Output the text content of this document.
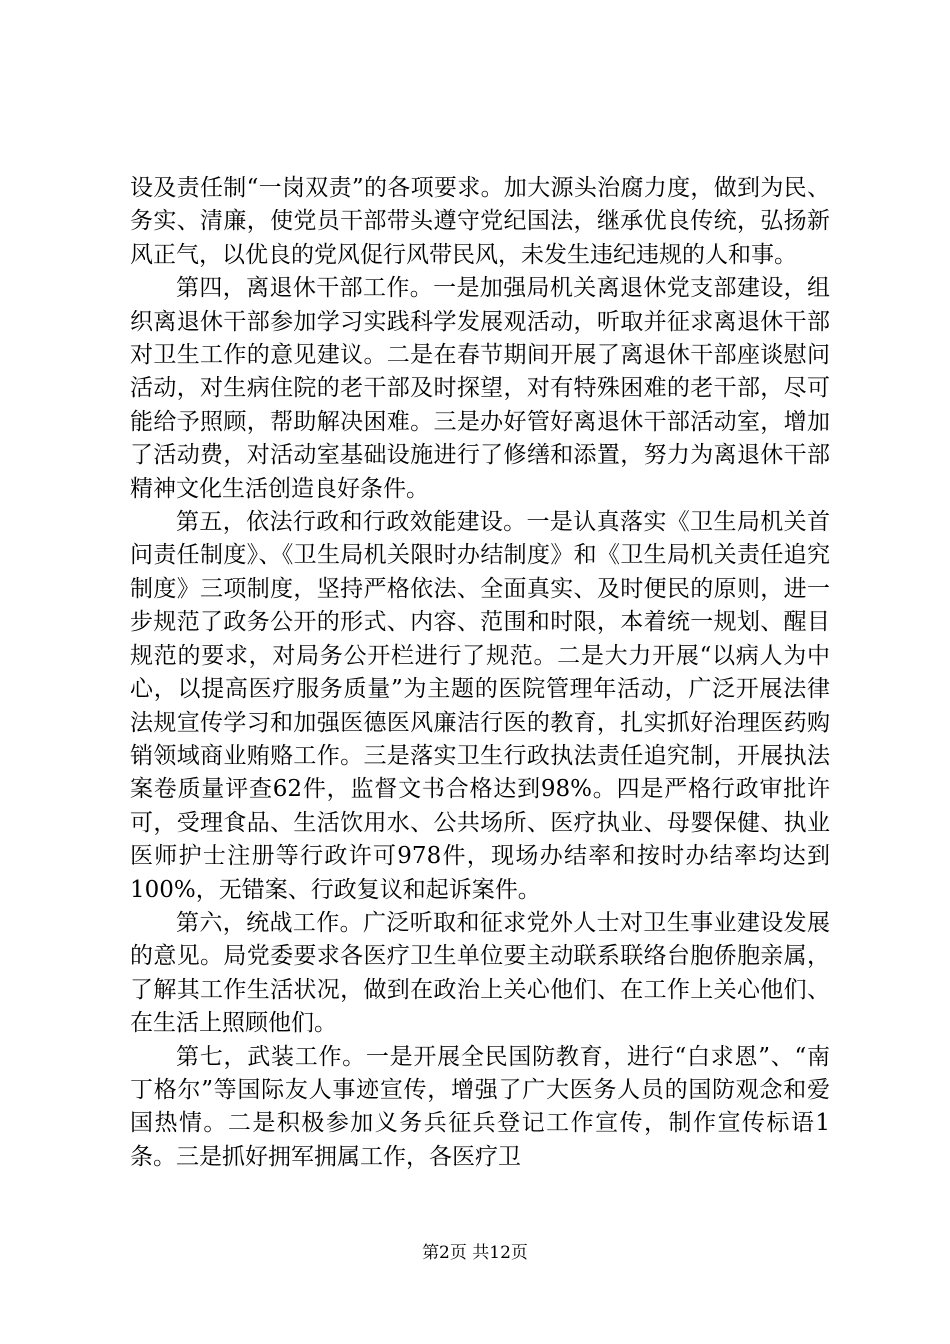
设及责任制“一岗双责”的各项要求。加大源头治腐力度，做到为民、务实、清廉，使党员干部带头遵守党纪国法，继承优良传统，弘扬新风正气，以优良的党风促行风带民风，未发生违纪违规的人和事。

第四，离退休干部工作。一是加强局机关离退休党支部建设，组织离退休干部参加学习实践科学发展观活动，听取并征求离退休干部对卫生工作的意见建议。二是在春节期间开展了离退休干部座谈慰问活动，对生病住院的老干部及时探望，对有特殊困难的老干部，尽可能给予照顾，帮助解决困难。三是办好管好离退休干部活动室，增加了活动费，对活动室基础设施进行了修缮和添置，努力为离退休干部精神文化生活创造良好条件。

第五，依法行政和行政效能建设。一是认真落实《卫生局机关首问责任制度》、《卫生局机关限时办结制度》和《卫生局机关责任追究制度》三项制度，坚持严格依法、全面真实、及时便民的原则，进一步规范了政务公开的形式、内容、范围和时限，本着统一规划、醒目规范的要求，对局务公开栏进行了规范。二是大力开展“以病人为中心，以提高医疗服务质量”为主题的医院管理年活动，广泛开展法律法规宣传学习和加强医德医风廉洁行医的教育，扎实抓好治理医药购销领域商业贿赂工作。三是落实卫生行政执法责任追究制，开展执法案卷质量评查62件，监督文书合格达到98%。四是严格行政审批许可，受理食品、生活饮用水、公共场所、医疗执业、母婴保健、执业医师护士注册等行政许可978件，现场办结率和按时办结率均达到100%，无错案、行政复议和起诉案件。

第六，统战工作。广泛听取和征求党外人士对卫生事业建设发展的意见。局党委要求各医疗卫生单位要主动联系联络台胞侨胞亲属，了解其工作生活状况，做到在政治上关心他们、在工作上关心他们、在生活上照顾他们。

第七，武装工作。一是开展全民国防教育，进行“白求恩”、“南丁格尔”等国际友人事迹宣传，增强了广大医务人员的国防观念和爱国热情。二是积极参加义务兵征兵登记工作宣传，制作宣传标语1条。三是抓好拥军拥属工作，各医疗卫

第2页 共12页
